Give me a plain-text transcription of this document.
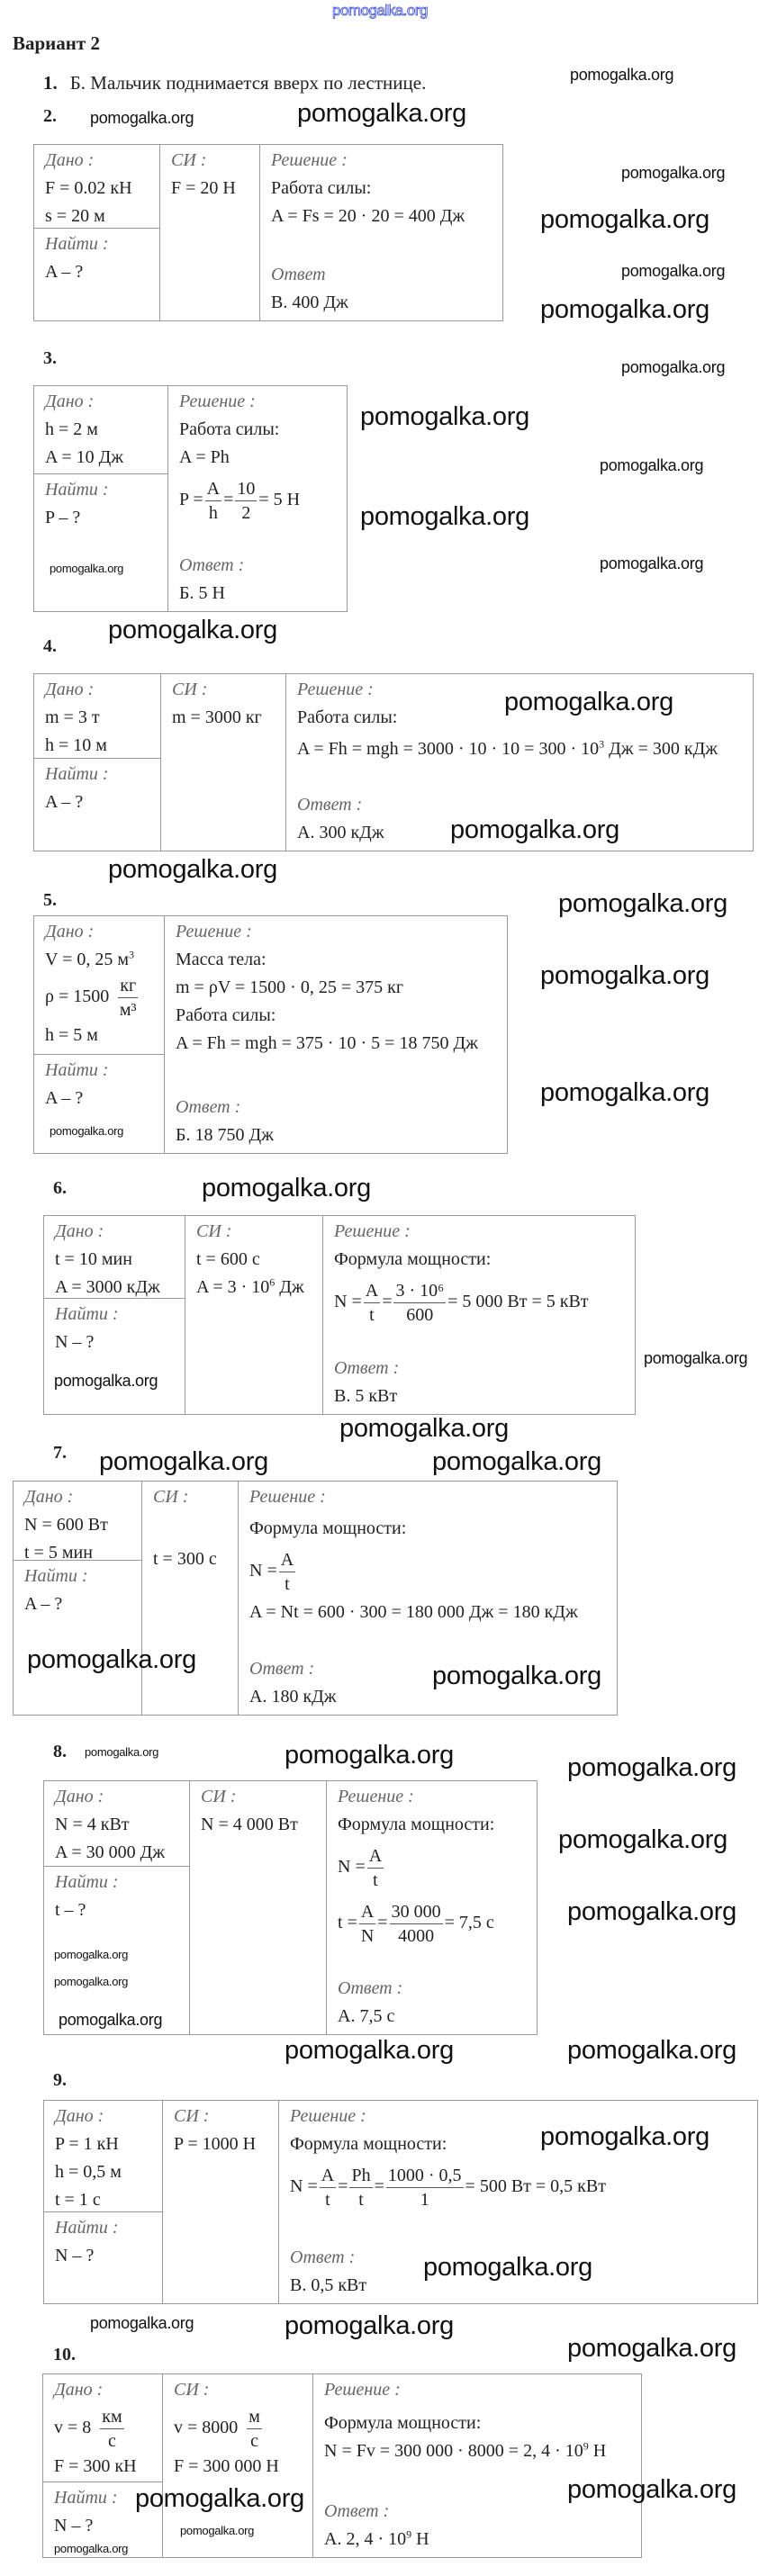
pomogalka.org
Вариант 2
1. Б. Мальчик поднимается вверх по лестнице.
2.
Дано :
F = 0.02 кН
s = 20 м
Найти :
A – ?
СИ :
F = 20 Н
Решение :
Работа силы:
A = Fs = 20 · 20 = 400 Дж
Ответ
В. 400 Дж
3.
Дано :
h = 2 м
A = 10 Дж
Найти :
P – ?
Решение :
Работа силы:
A = Ph
$P = \frac{A}{h} = \frac{10}{2} = 5$ Н
Ответ :
Б. 5 Н
4.
Дано :
m = 3 т
h = 10 м
Найти :
A – ?
СИ :
m = 3000 кг
Решение :
Работа силы:
A = Fh = mgh = $3000 \cdot 10 \cdot 10 = 300 \cdot 10^3$ Дж = 300 кДж
Ответ :
А. 300 кДж
5.
Дано :
V = 0, 25 $м^3$
ρ = 1500
кг
м³
h = 5 м
Найти :
A – ?
Решение :
Масса тела:
m = ρV = 1500 · 0, 25 = 375 кг
Работа силы:
A = Fh = mgh = 375 · 10 · 5 = 18 750 Дж
Ответ :
Б. 18 750 Дж
6.
Дано :
t = 10 мин
A = 3000 кДж
Найти :
N – ?
СИ :
t = 600 с
$A = 3 \cdot 10^6$ Дж
Решение :
Формула мощности:
$N = \frac{A}{t} = \frac{\text{3 · 10⁶}}{600} = 5$ 000 Вт = 5 кВт
Ответ :
В. 5 кВт
7.
Дано :
N = 600 Вт
t = 5 мин
Найти :
A – ?
СИ :
t = 300 с
Решение :
Формула мощности:
$N = \frac{A}{t}$
A = Nt = 600 · 300 = 180 000 Дж = 180 кДж
Ответ :
А. 180 кДж
8.
Дано :
N = 4 кВт
A = 30 000 Дж
Найти :
t – ?
СИ :
N = 4 000 Вт
Решение :
Формула мощности:
$N = \frac{A}{t}$
$t = \frac{A}{N} = \frac{30 000}{4000} = 7,5$ с
Ответ :
А. 7,5 с
9.
Дано :
P = 1 кН
h = 0,5 м
t = 1 с
Найти :
N – ?
СИ :
P = 1000 Н
Решение :
Формула мощности:
$N = \frac{A}{t} = \frac{Ph}{t} = \frac{1000 \cdot 0,5}{1} = 500$ Вт = 0,5 кВт
Ответ :
В. 0,5 кВт
10.
Дано :
v = 8
км
с
F = 300 кН
Найти :
N – ?
СИ :
v = 8000
м
с
F = 300 000 Н
Решение :
Формула мощности:
N = Fv = 300 000 · 8000 = 2, $4 \cdot 10^9$ Н
Ответ :
А. 2, $4 \cdot 10^9$ Н
pomogalka.org
pomogalka.org	pomogalka.org
pomogalka.org
pomogalka.org
pomogalka.org
pomogalka.org
pomogalka.org
pomogalka.org
pomogalka.org
pomogalka.org
pomogalka.org
pomogalka.org
pomogalka.org
pomogalka.org
pomogalka.org
pomogalka.org
pomogalka.org
pomogalka.org
pomogalka.org
pomogalka.org
pomogalka.org
pomogalka.org
pomogalka.org
pomogalka.org
pomogalka.org	pomogalka.org
pomogalka.org
pomogalka.org
pomogalka.org	pomogalka.org	pomogalka.org
pomogalka.org
pomogalka.org
pomogalka.org
pomogalka.org
pomogalka.org
pomogalka.org	pomogalka.org
pomogalka.org
pomogalka.org
pomogalka.org	pomogalka.org
pomogalka.org
pomogalka.org
pomogalka.org	pomogalka.org
pomogalka.org
